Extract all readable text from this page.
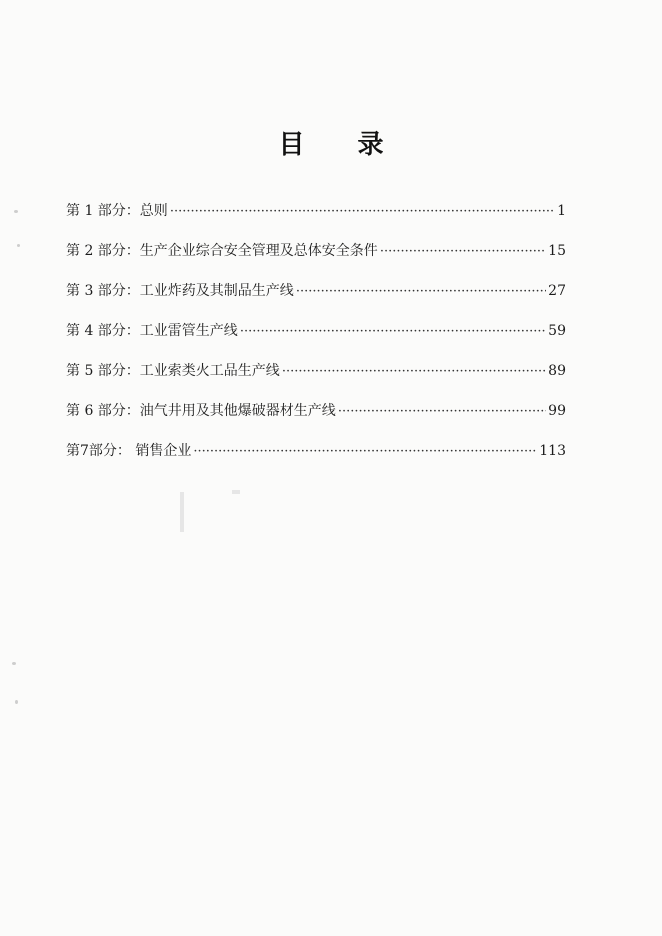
目 录
第 1 部分：总则 ·····	1
第 2 部分：生产企业综合安全管理及总体安全条件 ·····	15
第 3 部分：工业炸药及其制品生产线 ·····	27
第 4 部分：工业雷管生产线 ·····	59
第 5 部分：工业索类火工品生产线 ·····	89
第 6 部分：油气井用及其他爆破器材生产线 ·····	99
第7部分： 销售企业 ·····	113
